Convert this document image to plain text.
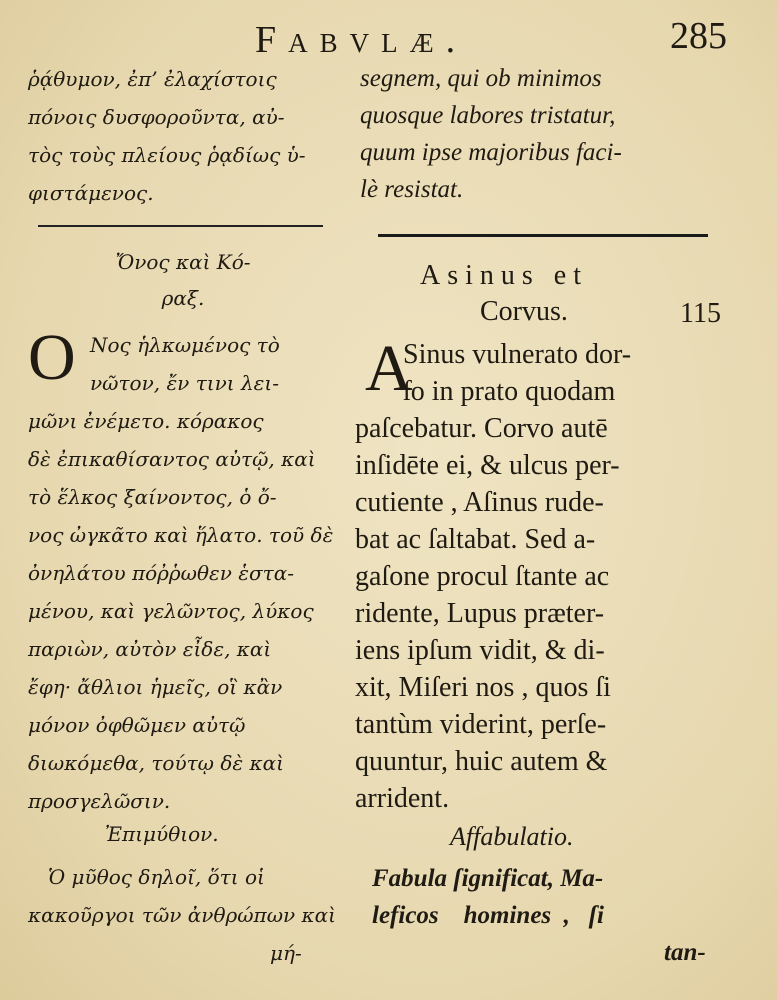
Fabvlæ.	285

ῥᾴθυμον, ἐπ’ ἐλαχίστοις

πόνοις δυσφοροῦντα, αὐ-

τὸς τοὺς πλείους ῥᾳδίως ὑ-

φιστάμενος.

segnem, qui ob minimos

quosque labores tristatur,

quum ipse majoribus faci-

lè resistat.

Ὄνος καὶ Κό-
ραξ.
O Νος ἡλκωμένος τὸ

νῶτον, ἔν τινι λει-

μῶνι ἐνέμετο. κόρακος

δὲ ἐπικαθίσαντος αὐτῷ, καὶ

τὸ ἕλκος ξαίνοντος, ὁ ὄ-

νος ὠγκᾶτο καὶ ἥλατο. τοῦ δὲ

ὀνηλάτου πόῤῥωθεν ἑστα-

μένου, καὶ γελῶντος, λύκος

παριὼν, αὐτὸν εἶδε, καὶ

ἔφη· ἄθλιοι ἡμεῖς, οἳ κἂν

μόνον ὀφθῶμεν αὐτῷ

διωκόμεθα, τούτῳ δὲ καὶ

προσγελῶσιν.

Asinus et
Corvus.	115
A

Sinus vulnerato dor-

ſo in prato quodam

paſcebatur. Corvo autē

inſidēte ei, & ulcus per-

cutiente , Aſinus rude-

bat ac ſaltabat. Sed a-

gaſone procul ſtante ac

ridente, Lupus præter-

iens ipſum vidit, & di-

xit, Miſeri nos , quos ſi

tantùm viderint, perſe-

quuntur, huic autem &

arrident.

Ἐπιμύθιον.

Ὁ μῦθος δηλοῖ, ὅτι οἱ

κακοῦργοι τῶν ἀνθρώπων καὶ

μή-

Affabulatio.

Fabula ſignificat, Ma-

leficos    homines  ,   ſi

tan-
